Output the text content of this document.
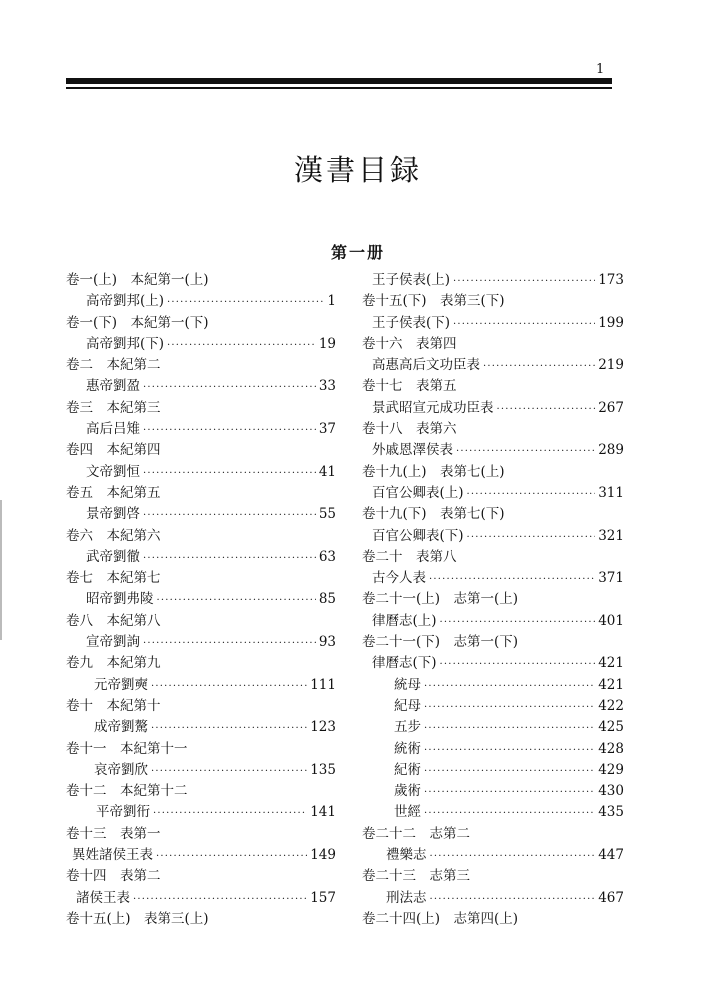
1
漢書目録
第一册
卷一(上)　本紀第一(上)
高帝劉邦(上) ·····	1
卷一(下)　本紀第一(下)
高帝劉邦(下) ·····	19
卷二　本紀第二
惠帝劉盈 ·····	33
卷三　本紀第三
高后吕雉 ·····	37
卷四　本紀第四
文帝劉恒 ·····	41
卷五　本紀第五
景帝劉啓 ·····	55
卷六　本紀第六
武帝劉徹 ·····	63
卷七　本紀第七
昭帝劉弗陵 ·····	85
卷八　本紀第八
宣帝劉詢 ·····	93
卷九　本紀第九
元帝劉奭 ·····	111
卷十　本紀第十
成帝劉驁 ·····	123
卷十一　本紀第十一
哀帝劉欣 ·····	135
卷十二　本紀第十二
平帝劉衎 ·····	141
卷十三　表第一
異姓諸侯王表 ·····	149
卷十四　表第二
諸侯王表 ·····	157
卷十五(上)　表第三(上)
王子侯表(上) ·····	173
卷十五(下)　表第三(下)
王子侯表(下) ·····	199
卷十六　表第四
高惠高后文功臣表 ·····	219
卷十七　表第五
景武昭宣元成功臣表 ·····	267
卷十八　表第六
外戚恩澤侯表 ·····	289
卷十九(上)　表第七(上)
百官公卿表(上) ·····	311
卷十九(下)　表第七(下)
百官公卿表(下) ·····	321
卷二十　表第八
古今人表 ·····	371
卷二十一(上)　志第一(上)
律曆志(上) ·····	401
卷二十一(下)　志第一(下)
律曆志(下) ·····	421
統母 ·····	421
紀母 ·····	422
五步 ·····	425
統術 ·····	428
紀術 ·····	429
歲術 ·····	430
世經 ·····	435
卷二十二　志第二
禮樂志 ·····	447
卷二十三　志第三
刑法志 ·····	467
卷二十四(上)　志第四(上)
